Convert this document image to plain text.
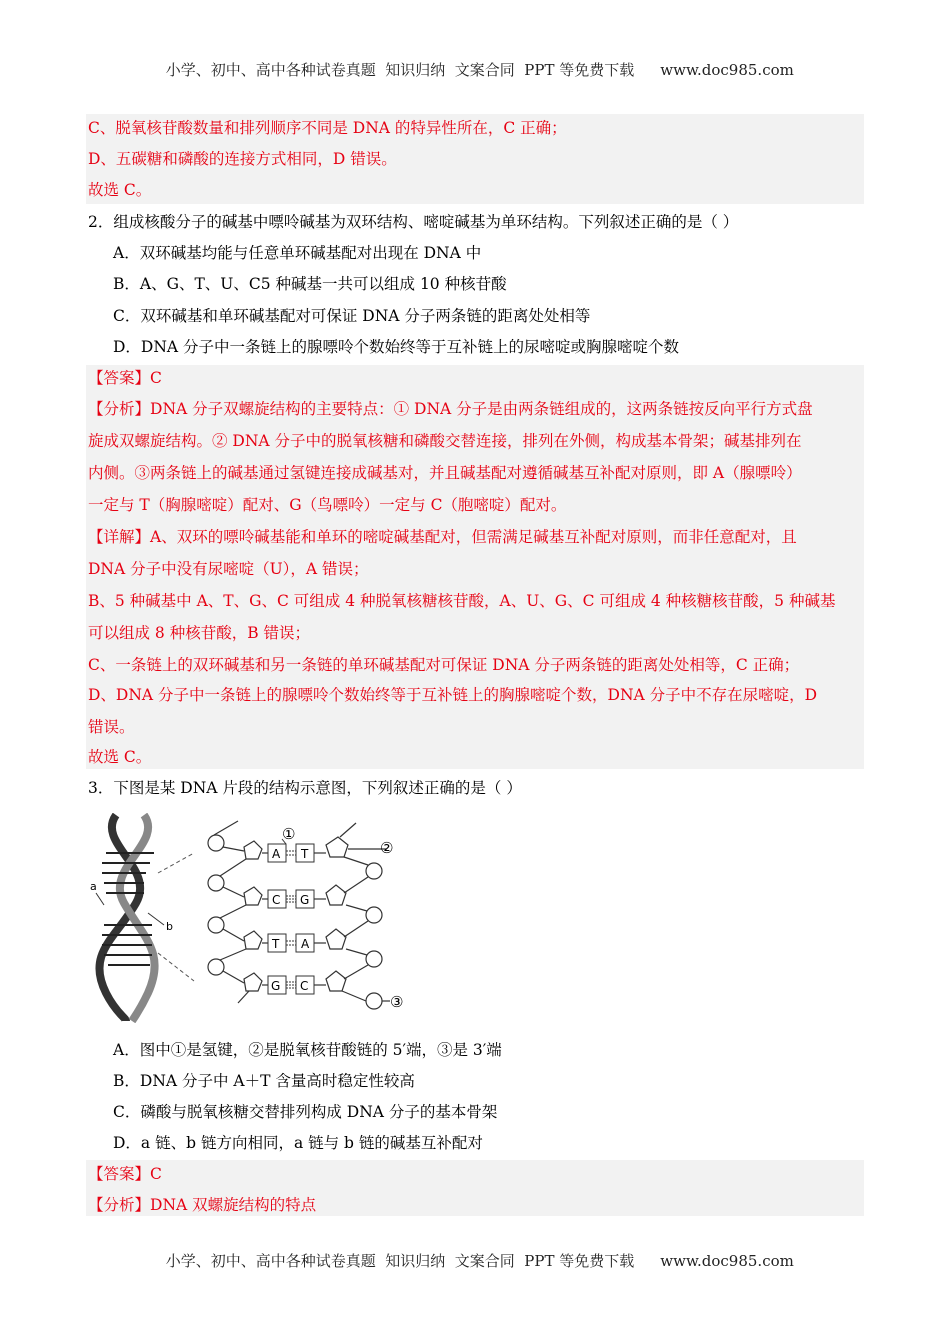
小学、初中、高中各种试卷真题  知识归纳  文案合同  PPT 等免费下载 www.doc985.com

C、脱氧核苷酸数量和排列顺序不同是 DNA 的特异性所在，C 正确；
D、五碳糖和磷酸的连接方式相同，D 错误。
故选 C。
2．组成核酸分子的碱基中嘌呤碱基为双环结构、嘧啶碱基为单环结构。下列叙述正确的是（ ）
A．双环碱基均能与任意单环碱基配对出现在 DNA 中
B．A、G、T、U、C5 种碱基一共可以组成 10 种核苷酸
C．双环碱基和单环碱基配对可保证 DNA 分子两条链的距离处处相等
D．DNA 分子中一条链上的腺嘌呤个数始终等于互补链上的尿嘧啶或胸腺嘧啶个数
【答案】C
【分析】DNA 分子双螺旋结构的主要特点：① DNA 分子是由两条链组成的，这两条链按反向平行方式盘
旋成双螺旋结构。② DNA 分子中的脱氧核糖和磷酸交替连接，排列在外侧，构成基本骨架；碱基排列在
内侧。③两条链上的碱基通过氢键连接成碱基对，并且碱基配对遵循碱基互补配对原则，即 A（腺嘌呤）
一定与 T（胸腺嘧啶）配对、G（鸟嘌呤）一定与 C（胞嘧啶）配对。
【详解】A、双环的嘌呤碱基能和单环的嘧啶碱基配对，但需满足碱基互补配对原则，而非任意配对，且
DNA 分子中没有尿嘧啶（U），A 错误；
B、5 种碱基中 A、T、G、C 可组成 4 种脱氧核糖核苷酸，A、U、G、C 可组成 4 种核糖核苷酸，5 种碱基
可以组成 8 种核苷酸，B 错误；
C、一条链上的双环碱基和另一条链的单环碱基配对可保证 DNA 分子两条链的距离处处相等，C 正确；
D、DNA 分子中一条链上的腺嘌呤个数始终等于互补链上的胸腺嘧啶个数，DNA 分子中不存在尿嘧啶，D
错误。
故选 C。
3．下图是某 DNA 片段的结构示意图，下列叙述正确的是（ ）
a
b
A T
C G
T A
G C
①
②
③
A．图中①是氢键，②是脱氧核苷酸链的 5′端，③是 3′端
B．DNA 分子中 A＋T 含量高时稳定性较高
C．磷酸与脱氧核糖交替排列构成 DNA 分子的基本骨架
D．a 链、b 链方向相同，a 链与 b 链的碱基互补配对
【答案】C
【分析】DNA 双螺旋结构的特点

小学、初中、高中各种试卷真题  知识归纳  文案合同  PPT 等免费下载 www.doc985.com
